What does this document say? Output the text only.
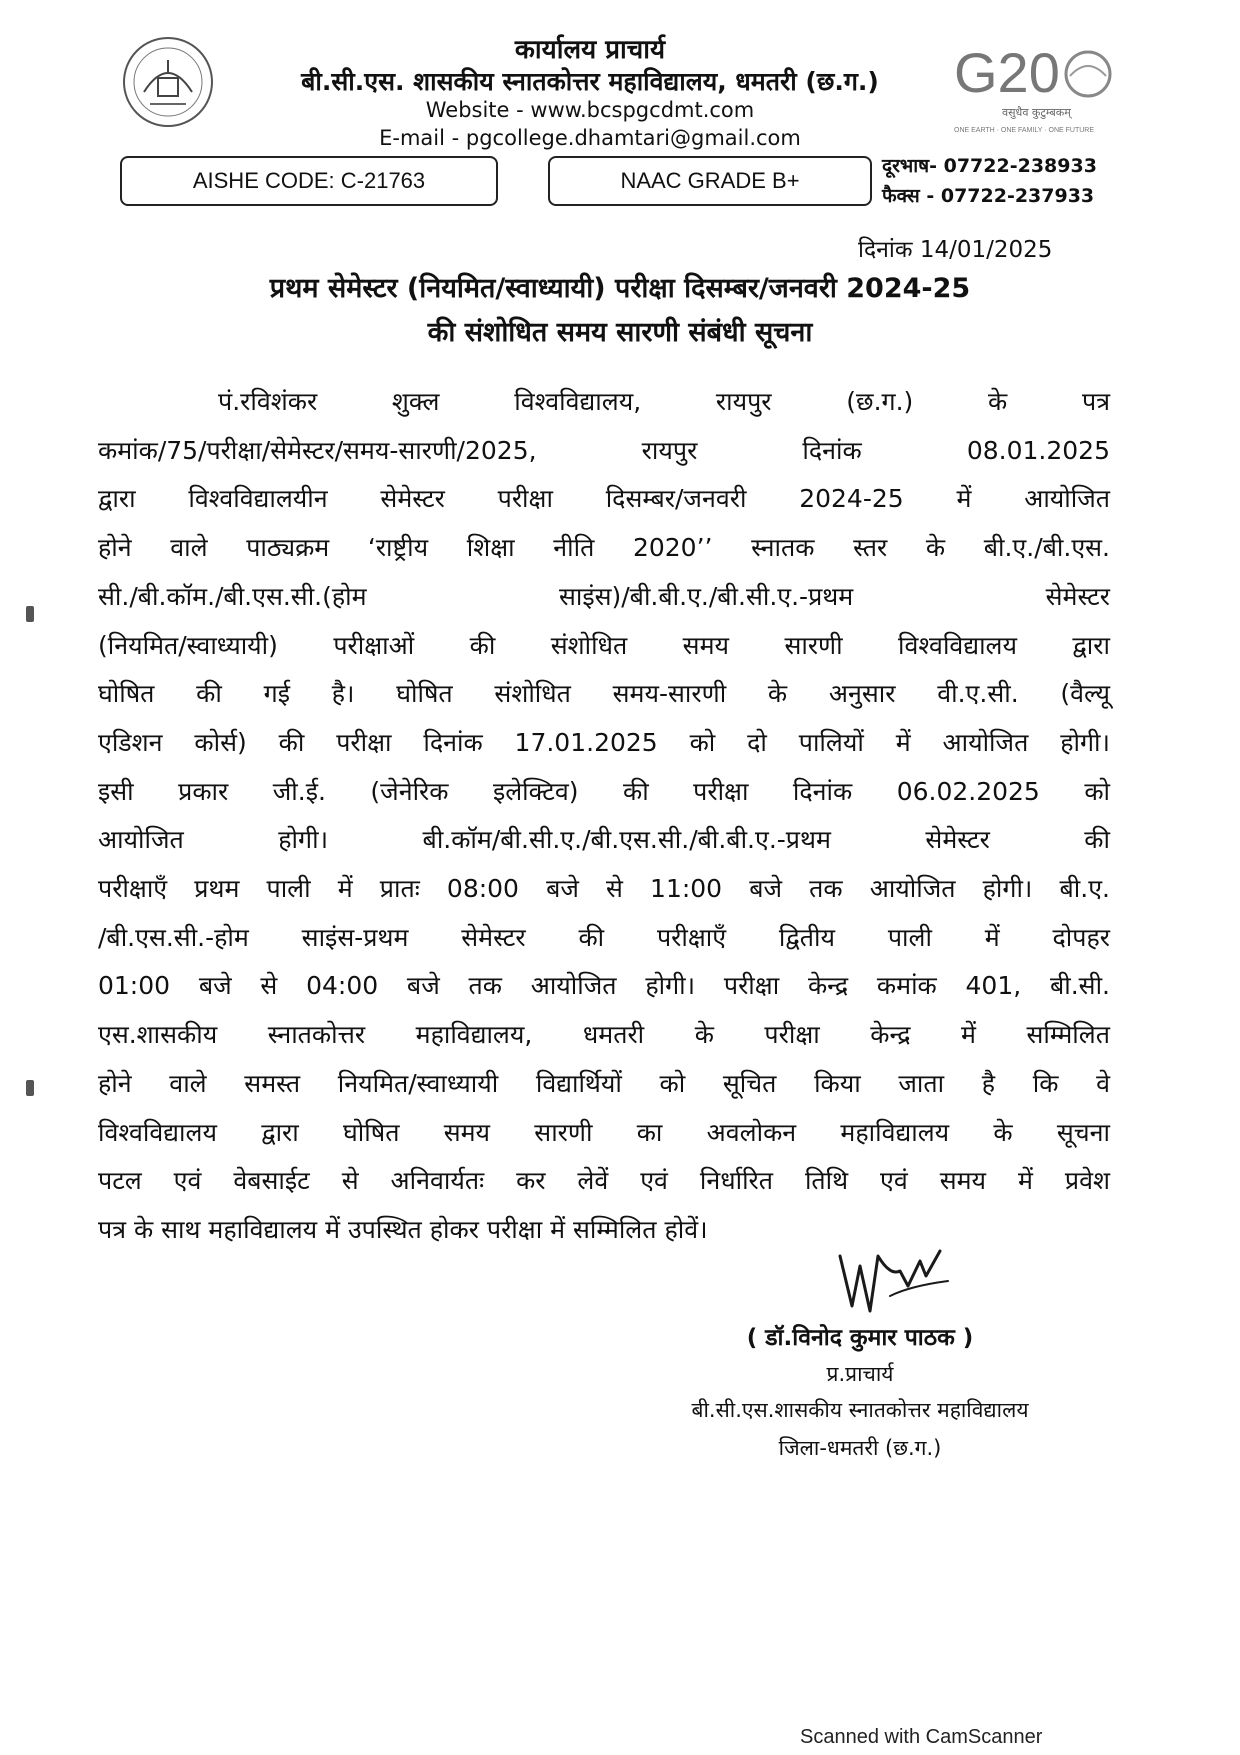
G20
वसुधैव कुटुम्बकम्
ONE EARTH · ONE FAMILY · ONE FUTURE
कार्यालय प्राचार्य
बी.सी.एस. शासकीय स्नातकोत्तर महाविद्यालय, धमतरी (छ.ग.)
Website - www.bcspgcdmt.com
E-mail - pgcollege.dhamtari@gmail.com
AISHE CODE: C-21763	NAAC GRADE B+
दूरभाष- 07722-238933
फैक्स - 07722-237933
दिनांक 14/01/2025
प्रथम सेमेस्टर (नियमित/स्वाध्यायी) परीक्षा दिसम्बर/जनवरी 2024-25
की संशोधित समय सारणी संबंधी सूचना
पं.रविशंकर शुक्ल विश्वविद्यालय, रायपुर (छ.ग.) के पत्र
कमांक/75/परीक्षा/सेमेस्टर/समय-सारणी/2025, रायपुर दिनांक 08.01.2025
द्वारा विश्वविद्यालयीन सेमेस्टर परीक्षा दिसम्बर/जनवरी 2024-25 में आयोजित
होने वाले पाठ्यक्रम ‘राष्ट्रीय शिक्षा नीति 2020’’ स्नातक स्तर के बी.ए./बी.एस.
सी./बी.कॉम./बी.एस.सी.(होम साइंस)/बी.बी.ए./बी.सी.ए.-प्रथम सेमेस्टर
(नियमित/स्वाध्यायी) परीक्षाओं की संशोधित समय सारणी विश्वविद्यालय द्वारा
घोषित की गई है। घोषित संशोधित समय-सारणी के अनुसार वी.ए.सी. (वैल्यू
एडिशन कोर्स) की परीक्षा दिनांक 17.01.2025 को दो पालियों में आयोजित होगी।
इसी प्रकार जी.ई. (जेनेरिक इलेक्टिव) की परीक्षा दिनांक 06.02.2025 को
आयोजित होगी। बी.कॉम/बी.सी.ए./बी.एस.सी./बी.बी.ए.-प्रथम सेमेस्टर की
परीक्षाएँ प्रथम पाली में प्रातः 08:00 बजे से 11:00 बजे तक आयोजित होगी। बी.ए.
/बी.एस.सी.-होम साइंस-प्रथम सेमेस्टर की परीक्षाएँ द्वितीय पाली में दोपहर
01:00 बजे से 04:00 बजे तक आयोजित होगी। परीक्षा केन्द्र कमांक 401, बी.सी.
एस.शासकीय स्नातकोत्तर महाविद्यालय, धमतरी के परीक्षा केन्द्र में सम्मिलित
होने वाले समस्त नियमित/स्वाध्यायी विद्यार्थियों को सूचित किया जाता है कि वे
विश्वविद्यालय द्वारा घोषित समय सारणी का अवलोकन महाविद्यालय के सूचना
पटल एवं वेबसाईट से अनिवार्यतः कर लेवें एवं निर्धारित तिथि एवं समय में प्रवेश
पत्र के साथ महाविद्यालय में उपस्थित होकर परीक्षा में सम्मिलित होवें।
( डॉ.विनोद कुमार पाठक )
प्र.प्राचार्य
बी.सी.एस.शासकीय स्नातकोत्तर महाविद्यालय
जिला-धमतरी (छ.ग.)
Scanned with CamScanner
